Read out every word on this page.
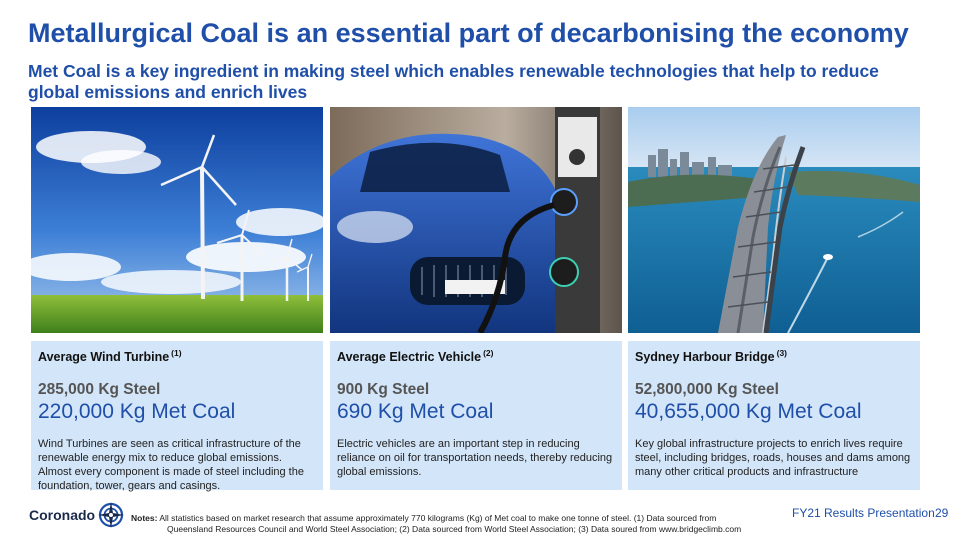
Metallurgical Coal is an essential part of decarbonising the economy
Met Coal is a key ingredient in making steel which enables renewable technologies that help to reduce global emissions and enrich lives
Average Wind Turbine $^{(1)}$
285,000 Kg Steel
220,000 Kg Met Coal
Wind Turbines are seen as critical infrastructure of the renewable energy mix to reduce global emissions. Almost every component is made of steel including the foundation, tower, gears and casings.
Average Electric Vehicle $^{(2)}$
900 Kg Steel
690 Kg Met Coal
Electric vehicles are an important step in reducing reliance on oil for transportation needs, thereby reducing global emissions.
Sydney Harbour Bridge $^{(3)}$
52,800,000 Kg Steel
40,655,000 Kg Met Coal
Key global infrastructure projects to enrich lives require steel, including bridges, roads, houses and dams among many other critical products and infrastructure
Coronado	Notes: All statistics based on market research that assume approximately 770 kilograms (Kg) of Met coal to make one tonne of steel. (1) Data sourced from Queensland Resources Council and World Steel Association; (2) Data sourced from World Steel Association; (3) Data soured from www.bridgeclimb.com
FY21 Results Presentation 29
